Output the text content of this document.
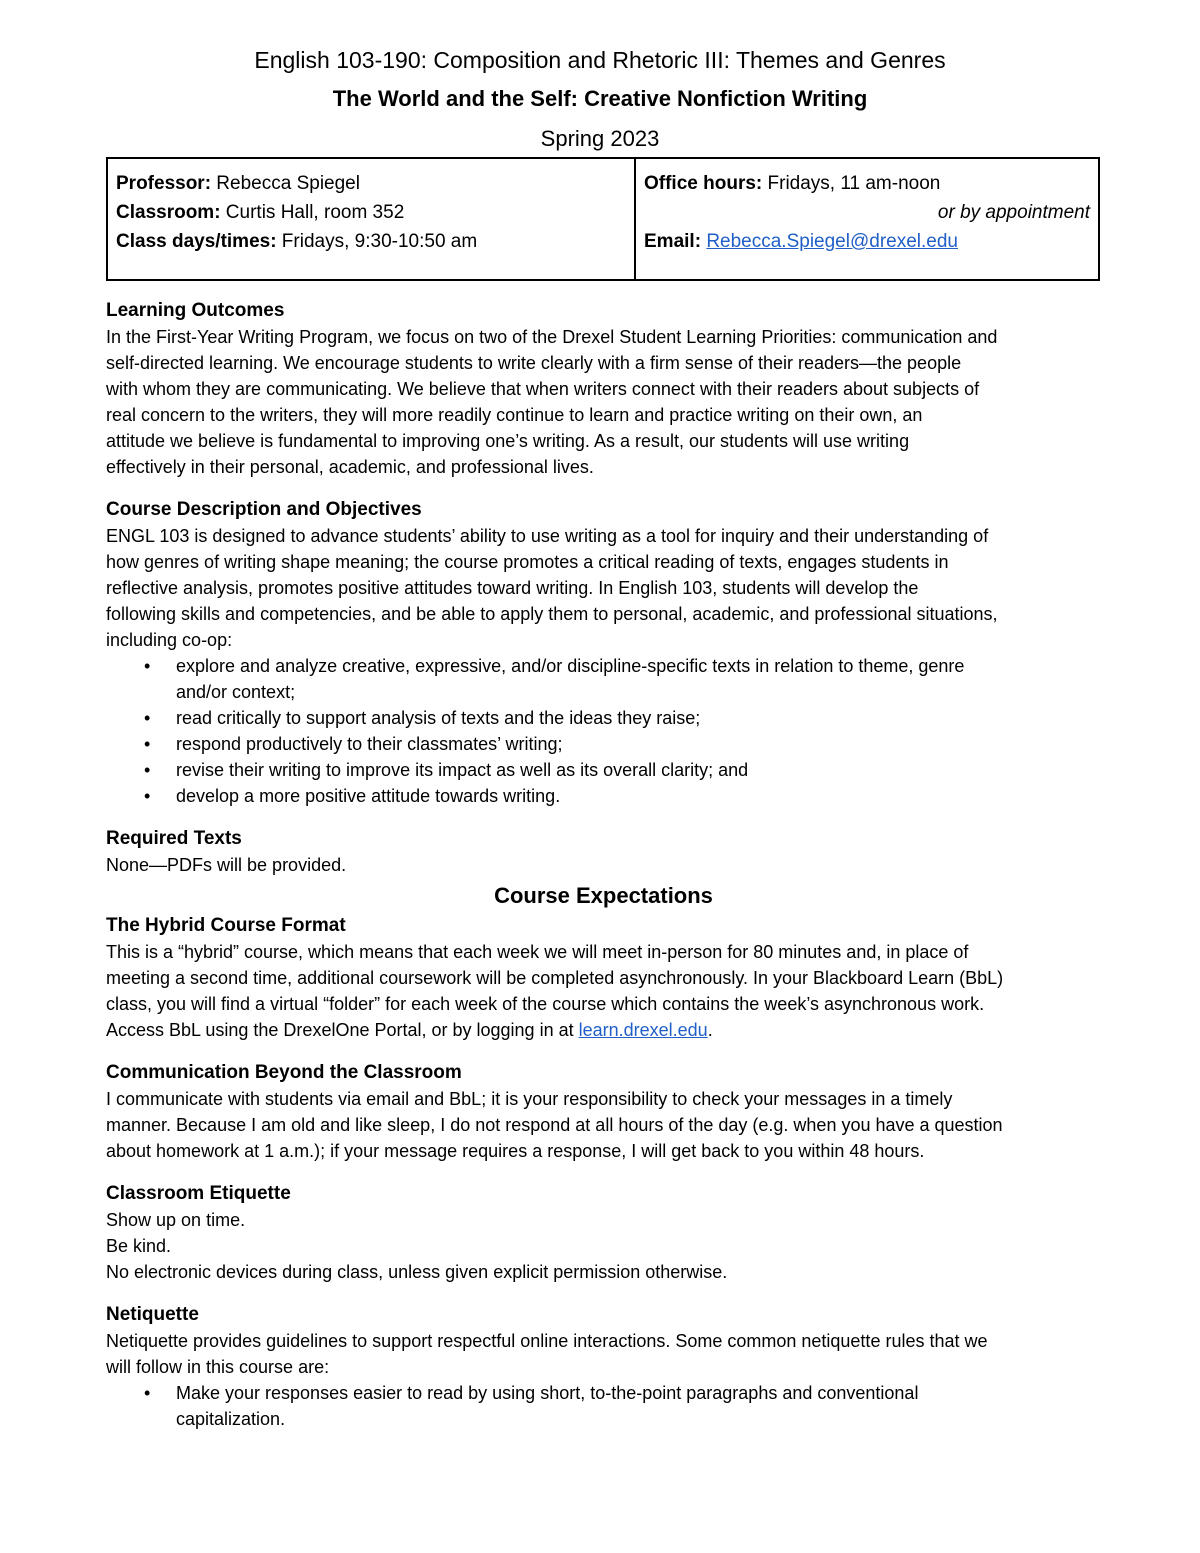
English 103-190: Composition and Rhetoric III: Themes and Genres
The World and the Self: Creative Nonfiction Writing
Spring 2023
Professor: Rebecca Spiegel
Classroom: Curtis Hall, room 352
Class days/times: Fridays, 9:30-10:50 am
Office hours: Fridays, 11 am-noon
or by appointment
Email: Rebecca.Spiegel@drexel.edu
Learning Outcomes
In the First-Year Writing Program, we focus on two of the Drexel Student Learning Priorities: communication and
self-directed learning. We encourage students to write clearly with a firm sense of their readers—the people
with whom they are communicating. We believe that when writers connect with their readers about subjects of
real concern to the writers, they will more readily continue to learn and practice writing on their own, an
attitude we believe is fundamental to improving one’s writing. As a result, our students will use writing
effectively in their personal, academic, and professional lives.
Course Description and Objectives
ENGL 103 is designed to advance students’ ability to use writing as a tool for inquiry and their understanding of
how genres of writing shape meaning; the course promotes a critical reading of texts, engages students in
reflective analysis, promotes positive attitudes toward writing. In English 103, students will develop the
following skills and competencies, and be able to apply them to personal, academic, and professional situations,
including co-op:
• explore and analyze creative, expressive, and/or discipline-specific texts in relation to theme, genre
and/or context;
• read critically to support analysis of texts and the ideas they raise;
• respond productively to their classmates’ writing;
• revise their writing to improve its impact as well as its overall clarity; and
• develop a more positive attitude towards writing.
Required Texts
None—PDFs will be provided.
Course Expectations
The Hybrid Course Format
This is a “hybrid” course, which means that each week we will meet in-person for 80 minutes and, in place of
meeting a second time, additional coursework will be completed asynchronously. In your Blackboard Learn (BbL)
class, you will find a virtual “folder” for each week of the course which contains the week’s asynchronous work.
Access BbL using the DrexelOne Portal, or by logging in at learn.drexel.edu.
Communication Beyond the Classroom
I communicate with students via email and BbL; it is your responsibility to check your messages in a timely
manner. Because I am old and like sleep, I do not respond at all hours of the day (e.g. when you have a question
about homework at 1 a.m.); if your message requires a response, I will get back to you within 48 hours.
Classroom Etiquette
Show up on time.
Be kind.
No electronic devices during class, unless given explicit permission otherwise.
Netiquette
Netiquette provides guidelines to support respectful online interactions. Some common netiquette rules that we
will follow in this course are:
• Make your responses easier to read by using short, to-the-point paragraphs and conventional
capitalization.
